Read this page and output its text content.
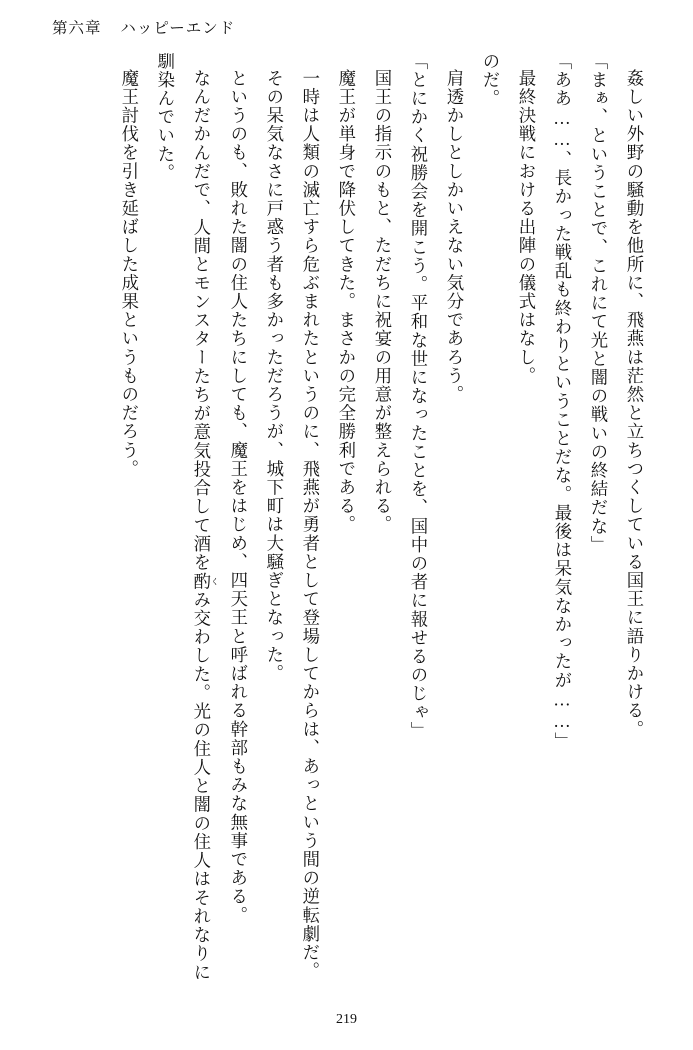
第六章 ハッピーエンド

姦しい外野の騒動を他所に、飛燕は茫然と立ちつくしている国王に語りかける。

「まぁ、ということで、これにて光と闇の戦いの終結だな」

「ああ……、長かった戦乱も終わりということだな。最後は呆気なかったが……」

最終決戦における出陣の儀式はなし。

のだ。

肩透かしとしかいえない気分であろう。

「とにかく祝勝会を開こう。平和な世になったことを、国中の者に報せるのじゃ」

国王の指示のもと、ただちに祝宴の用意が整えられる。

魔王が単身で降伏してきた。まさかの完全勝利である。

一時は人類の滅亡すら危ぶまれたというのに、飛燕が勇者として登場してからは、あっという間の逆転劇だ。

その呆気なさに戸惑う者も多かっただろうが、城下町は大騒ぎとなった。

というのも、敗れた闇の住人たちにしても、魔王をはじめ、四天王と呼ばれる幹部もみな無事である。

なんだかんだで、人間とモンスターたちが意気投合して酒を酌 くみ交わした。光の住人と闇の住人はそれなりに馴染んでいた。

魔王討伐を引き延ばした成果というものだろう。

219
